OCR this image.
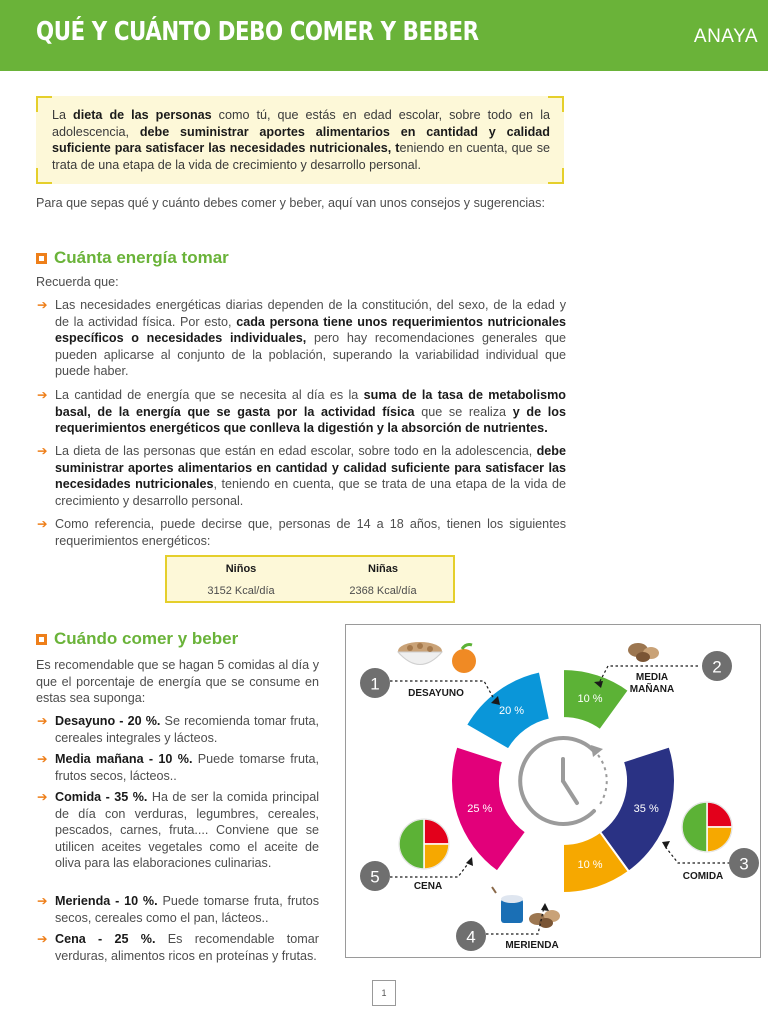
QUÉ Y CUÁNTO DEBO COMER Y BEBER	ANAYA
La dieta de las personas como tú, que estás en edad escolar, sobre todo en la adolescencia, debe suministrar aportes alimentarios en cantidad y calidad suficiente para satisfacer las necesidades nutricionales, teniendo en cuenta, que se trata de una etapa de la vida de crecimiento y desarrollo personal.
Para que sepas qué y cuánto debes comer y beber, aquí van unos consejos y sugerencias:
Cuánta energía tomar
Recuerda que:
➔ Las necesidades energéticas diarias dependen de la constitución, del sexo, de la edad y de la actividad física. Por esto, cada persona tiene unos requerimientos nutricionales específicos o necesidades individuales, pero hay recomendaciones generales que pueden aplicarse al conjunto de la población, superando la variabilidad individual que puede haber.
➔ La cantidad de energía que se necesita al día es la suma de la tasa de metabolismo basal, de la energía que se gasta por la actividad física que se realiza y de los requerimientos energéticos que conlleva la digestión y la absorción de nutrientes.
➔ La dieta de las personas que están en edad escolar, sobre todo en la adolescencia, debe suministrar aportes alimentarios en cantidad y calidad suficiente para satisfacer las necesidades nutricionales, teniendo en cuenta, que se trata de una etapa de la vida de crecimiento y desarrollo personal.
➔ Como referencia, puede decirse que, personas de 14 a 18 años, tienen los siguientes requerimientos energéticos:
Niños	Niñas
3152 Kcal/día	2368 Kcal/día
Cuándo comer y beber
Es recomendable que se hagan 5 comidas al día y que el porcentaje de energía que se consume en estas sea suponga:
➔ Desayuno - 20 %. Se recomienda tomar fruta, cereales integrales y lácteos.
➔ Media mañana - 10 %. Puede tomarse fruta, frutos secos, lácteos..
➔ Comida - 35 %. Ha de ser la comida principal de día con verduras, legumbres, cereales, pescados, carnes, fruta.... Conviene que se utilicen aceites vegetales como el aceite de oliva para las elaboraciones culinarias.
➔ Merienda - 10 %. Puede tomarse fruta, frutos secos, cereales como el pan, lácteos..
➔ Cena - 25 %. Es recomendable tomar verduras, alimentos ricos en proteínas y frutas.
10 %
35 %
10 %
25 %
20 %
1	DESAYUNO
2
MEDIA
MAÑANA
3
COMIDA
4	MERIENDA
5	CENA
1
